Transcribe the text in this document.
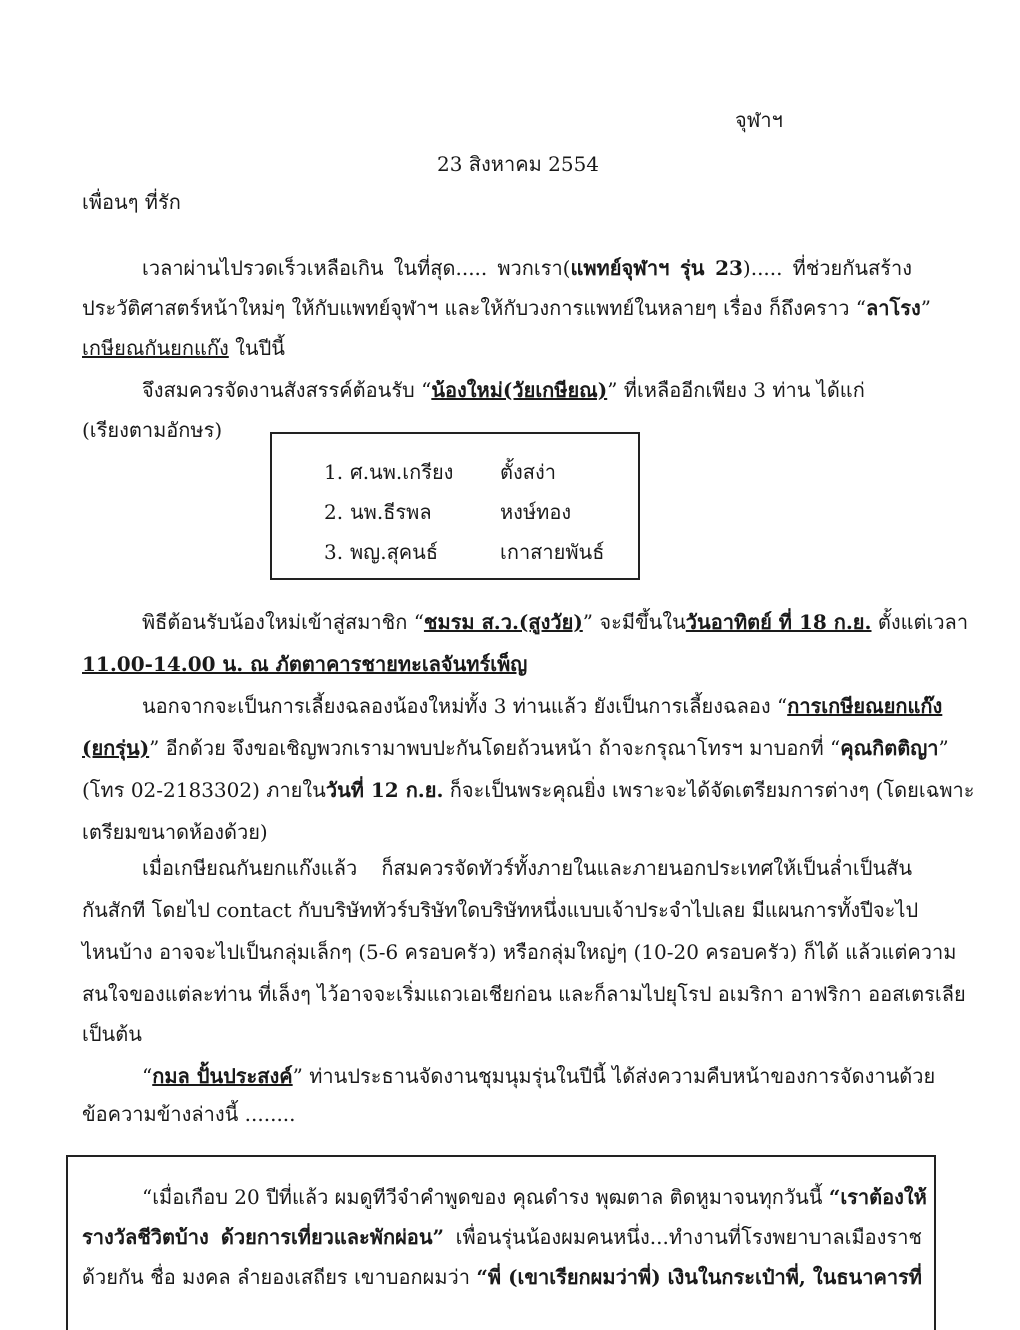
จุฬาฯ
23 สิงหาคม 2554
เพื่อนๆ ที่รัก
เวลาผ่านไปรวดเร็วเหลือเกิน ในที่สุด..... พวกเรา(แพทย์จุฬาฯ รุ่น 23)..... ที่ช่วยกันสร้าง
ประวัติศาสตร์หน้าใหม่ๆ ให้กับแพทย์จุฬาฯ และให้กับวงการแพทย์ในหลายๆ เรื่อง ก็ถึงคราว “ลาโรง”
เกษียณกันยกแก๊ง ในปีนี้
จึงสมควรจัดงานสังสรรค์ต้อนรับ “น้องใหม่(วัยเกษียณ)” ที่เหลืออีกเพียง 3 ท่าน ได้แก่
(เรียงตามอักษร)
1. ศ.นพ.เกรียง ตั้งสง่า
2. นพ.ธีรพล	หงษ์ทอง
3. พญ.สุคนธ์	เกาสายพันธ์
พิธีต้อนรับน้องใหม่เข้าสู่สมาชิก “ชมรม ส.ว.(สูงวัย)” จะมีขึ้นในวันอาทิตย์ ที่ 18 ก.ย. ตั้งแต่เวลา
11.00-14.00 น. ณ ภัตตาคารชายทะเลจันทร์เพ็ญ
นอกจากจะเป็นการเลี้ยงฉลองน้องใหม่ทั้ง 3 ท่านแล้ว ยังเป็นการเลี้ยงฉลอง “การเกษียณยกแก๊ง
(ยกรุ่น)” อีกด้วย จึงขอเชิญพวกเรามาพบปะกันโดยถ้วนหน้า ถ้าจะกรุณาโทรฯ มาบอกที่ “คุณกิตติญา”
(โทร 02-2183302) ภายในวันที่ 12 ก.ย. ก็จะเป็นพระคุณยิ่ง เพราะจะได้จัดเตรียมการต่างๆ (โดยเฉพาะ
เตรียมขนาดห้องด้วย)
เมื่อเกษียณกันยกแก๊งแล้ว ก็สมควรจัดทัวร์ทั้งภายในและภายนอกประเทศให้เป็นล่ำเป็นสัน
กันสักที โดยไป contact กับบริษัททัวร์บริษัทใดบริษัทหนึ่งแบบเจ้าประจำไปเลย มีแผนการทั้งปีจะไป
ไหนบ้าง อาจจะไปเป็นกลุ่มเล็กๆ (5-6 ครอบครัว) หรือกลุ่มใหญ่ๆ (10-20 ครอบครัว) ก็ได้ แล้วแต่ความ
สนใจของแต่ละท่าน ที่เล็งๆ ไว้อาจจะเริ่มแถวเอเชียก่อน และก็ลามไปยุโรป อเมริกา อาฟริกา ออสเตรเลีย
เป็นต้น
“กมล ปั้นประสงค์” ท่านประธานจัดงานชุมนุมรุ่นในปีนี้ ได้ส่งความคืบหน้าของการจัดงานด้วย
ข้อความข้างล่างนี้ ........
“เมื่อเกือบ 20 ปีที่แล้ว ผมดูทีวีจำคำพูดของ คุณดำรง พุฒตาล ติดหูมาจนทุกวันนี้ “เราต้องให้
รางวัลชีวิตบ้าง ด้วยการเที่ยวและพักผ่อน” เพื่อนรุ่นน้องผมคนหนึ่ง...ทำงานที่โรงพยาบาลเมืองราช
ด้วยกัน ชื่อ มงคล ลำยองเสถียร เขาบอกผมว่า “พี่ (เขาเรียกผมว่าพี่) เงินในกระเป๋าพี่, ในธนาคารที่
